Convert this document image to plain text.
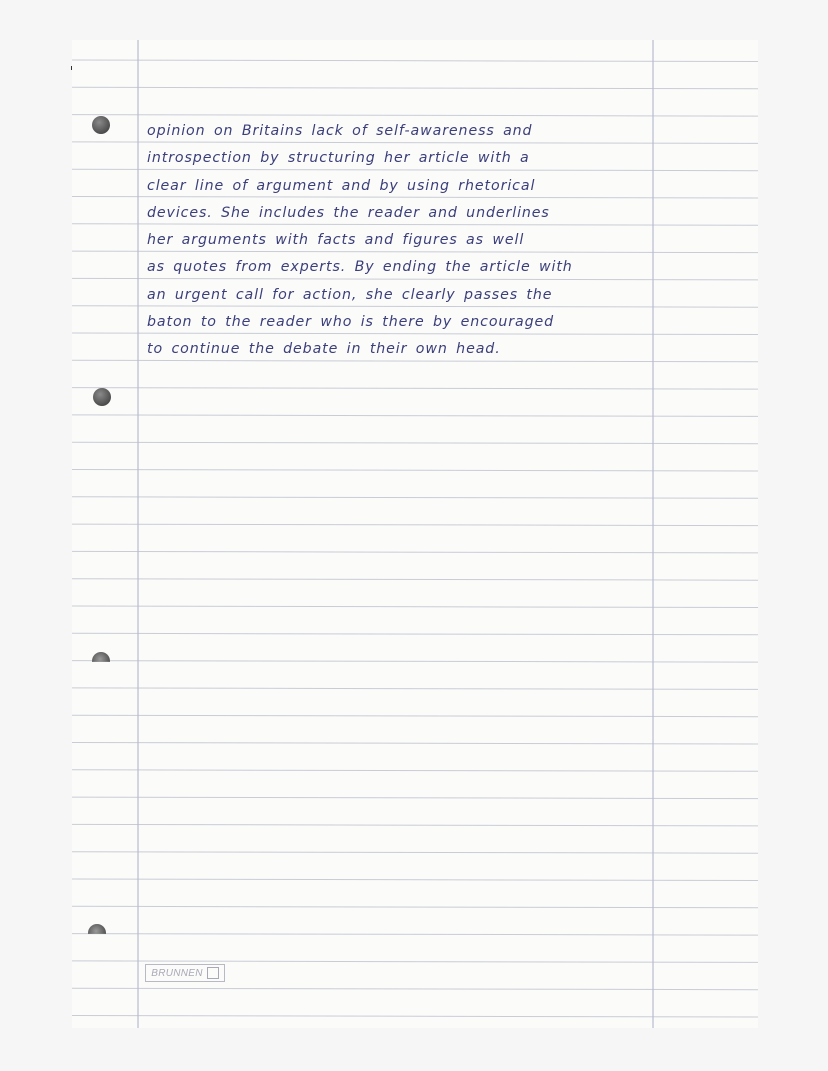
opinion on Britains lack of self-awareness and
introspection by structuring her article with a
clear line of argument and by using rhetorical
devices. She includes the reader and underlines
her arguments with facts and figures as well
as quotes from experts. By ending the article with
an urgent call for action, she clearly passes the
baton to the reader who is there by encouraged
to continue the debate in their own head.
BRUNNEN
